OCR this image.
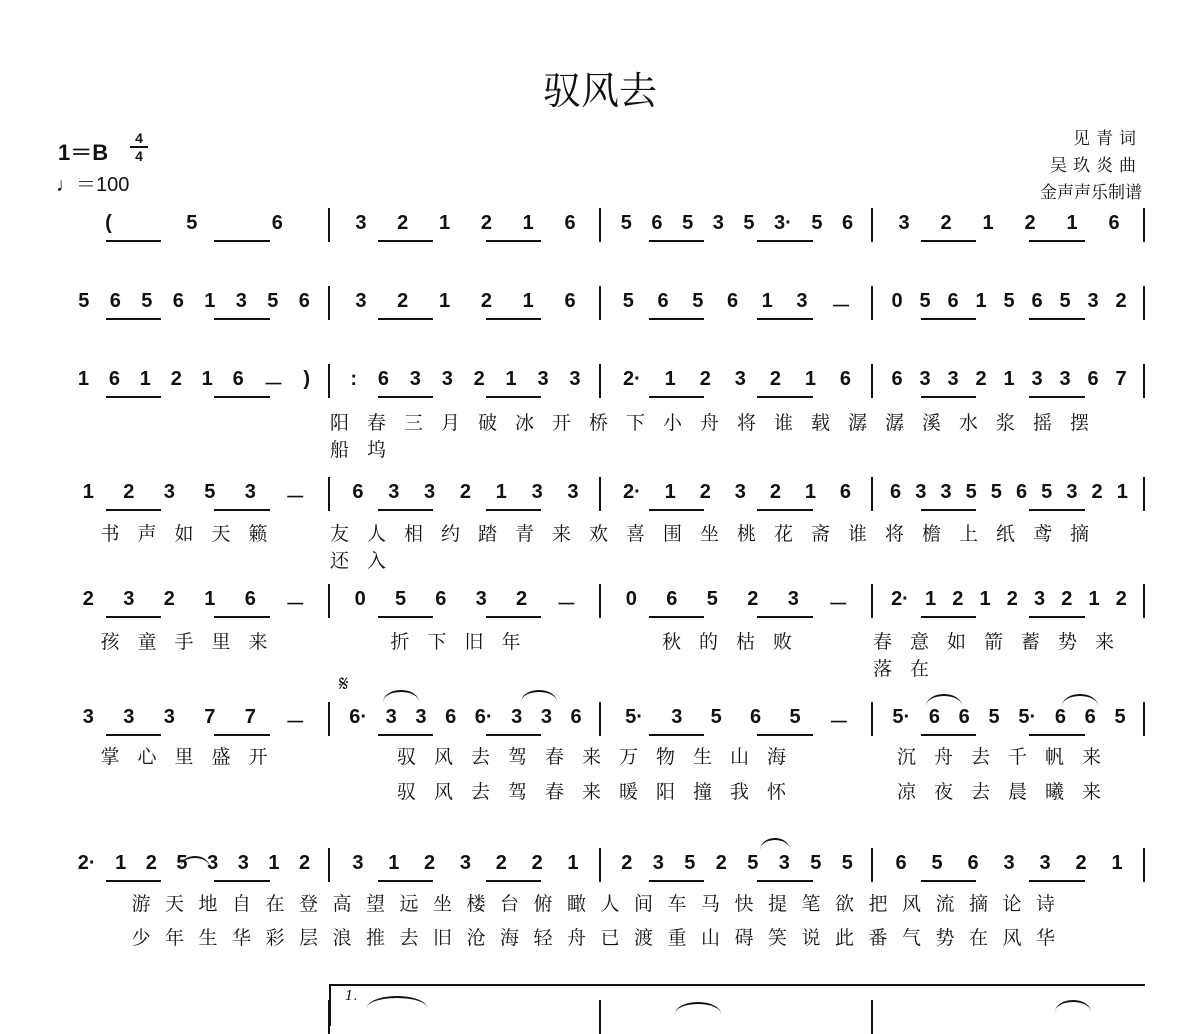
驭风去
1＝B
4
4
♩＝100
见青词
吴玖炎曲
金声声乐制谱
𝄋
1.
(	5	6	3 2 1 2 1 6 5 6 5 3 5 3· 5 6 3 2 1 2 1 6
5 6 5 6 1 3 5 6 3 2 1 2 1 6 5 6 5 6 1 3 － 0 5 6 1 5 6 5 3 2
1 6 1 2 1 6 － ) : 6 3 3 2 1 3 3 2· 1 2 3 2 1 6 6 3 3 2 1 3 3 6 7
阳春三月破冰开桥下小舟将谁载潺潺溪水浆摇摆船坞
1 2 3 5 3 － 6 3 3 2 1 3 3 2· 1 2 3 2 1 6 6 3 3 5 5 6 5 3 2 1
书声如天籁 友人相约踏青来欢喜围坐桃花斋谁将檐上纸鸢摘还入
2 3 2 1 6 － 0 5 6 3 2 － 0 6 5 2 3 － 2· 1 2 1 2 3 2 1 2
孩童手里来	折下旧年	秋的枯败	春意如箭蓄势来落在
3 3 3 7 7 － 6· 3 3 6 6· 3 3 6 5· 3 5 6 5 － 5· 6 6 5 5· 6 6 5
掌心里盛开	驭风去驾春来万物生山海	沉舟去千帆来
驭风去驾春来暖阳撞我怀	凉夜去晨曦来
2· 1 2 5 3 3 1 2 3 1 2 3 2 2 1 2 3 5 2 5 3 5 5 6 5 6 3 3 2 1
游天地自在登高望远坐楼台俯瞰人间车马快提笔欲把风流摘论诗
少年生华彩层浪推去旧沧海轻舟已渡重山碍笑说此番气势在风华
